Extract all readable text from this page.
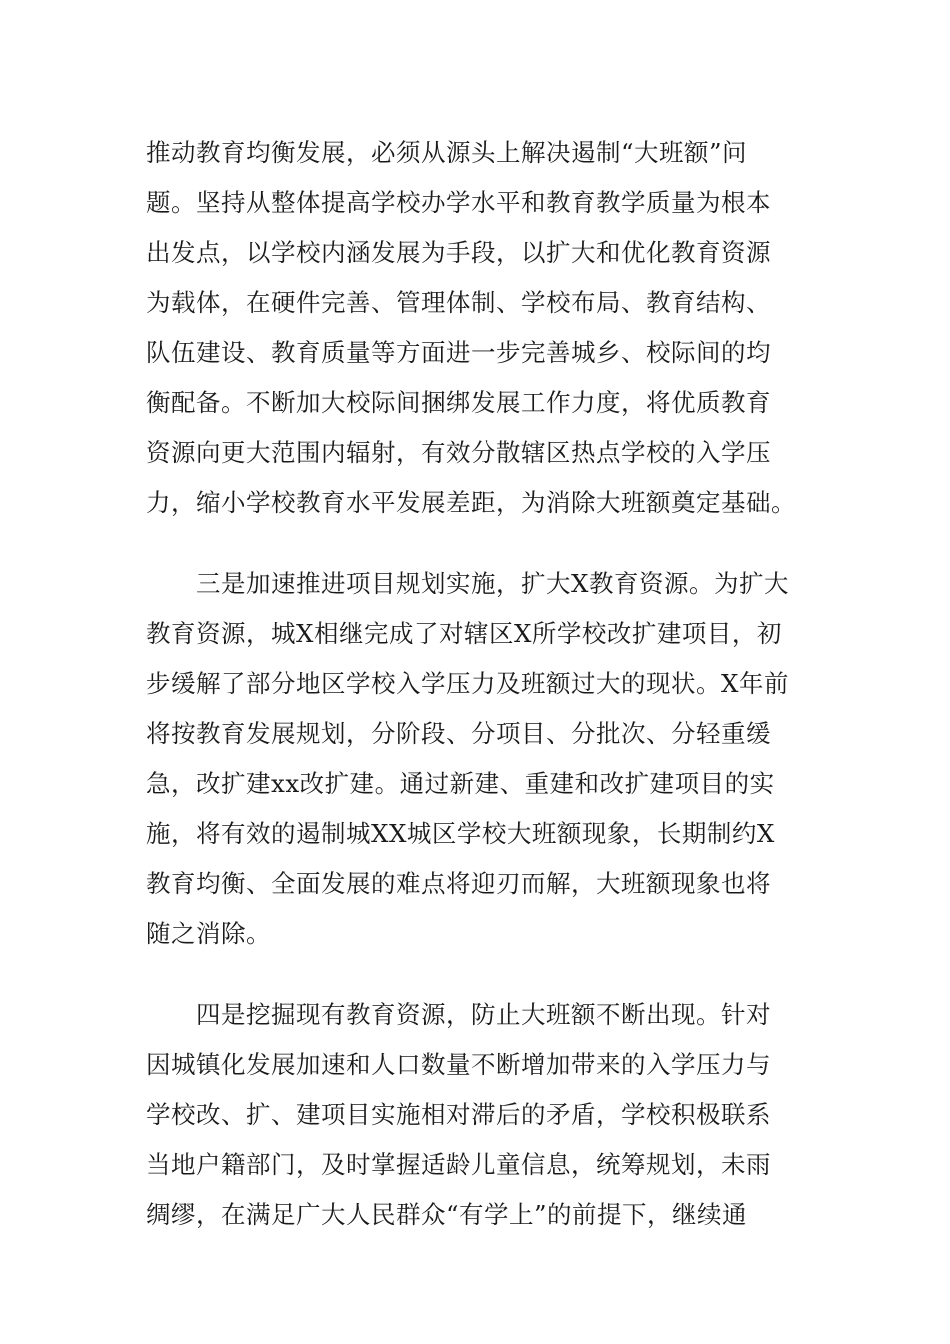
推动教育均衡发展，必须从源头上解决遏制“大班额”问
题。坚持从整体提高学校办学水平和教育教学质量为根本
出发点，以学校内涵发展为手段，以扩大和优化教育资源
为载体，在硬件完善、管理体制、学校布局、教育结构、
队伍建设、教育质量等方面进一步完善城乡、校际间的均
衡配备。不断加大校际间捆绑发展工作力度，将优质教育
资源向更大范围内辐射，有效分散辖区热点学校的入学压
力，缩小学校教育水平发展差距，为消除大班额奠定基础。
三是加速推进项目规划实施，扩大X教育资源。为扩大
教育资源，城X相继完成了对辖区X所学校改扩建项目，初
步缓解了部分地区学校入学压力及班额过大的现状。X年前
将按教育发展规划，分阶段、分项目、分批次、分轻重缓
急，改扩建xx改扩建。通过新建、重建和改扩建项目的实
施，将有效的遏制城XX城区学校大班额现象，长期制约X
教育均衡、全面发展的难点将迎刃而解，大班额现象也将
随之消除。
四是挖掘现有教育资源，防止大班额不断出现。针对
因城镇化发展加速和人口数量不断增加带来的入学压力与
学校改、扩、建项目实施相对滞后的矛盾，学校积极联系
当地户籍部门，及时掌握适龄儿童信息，统筹规划，未雨
绸缪，在满足广大人民群众“有学上”的前提下，继续通
